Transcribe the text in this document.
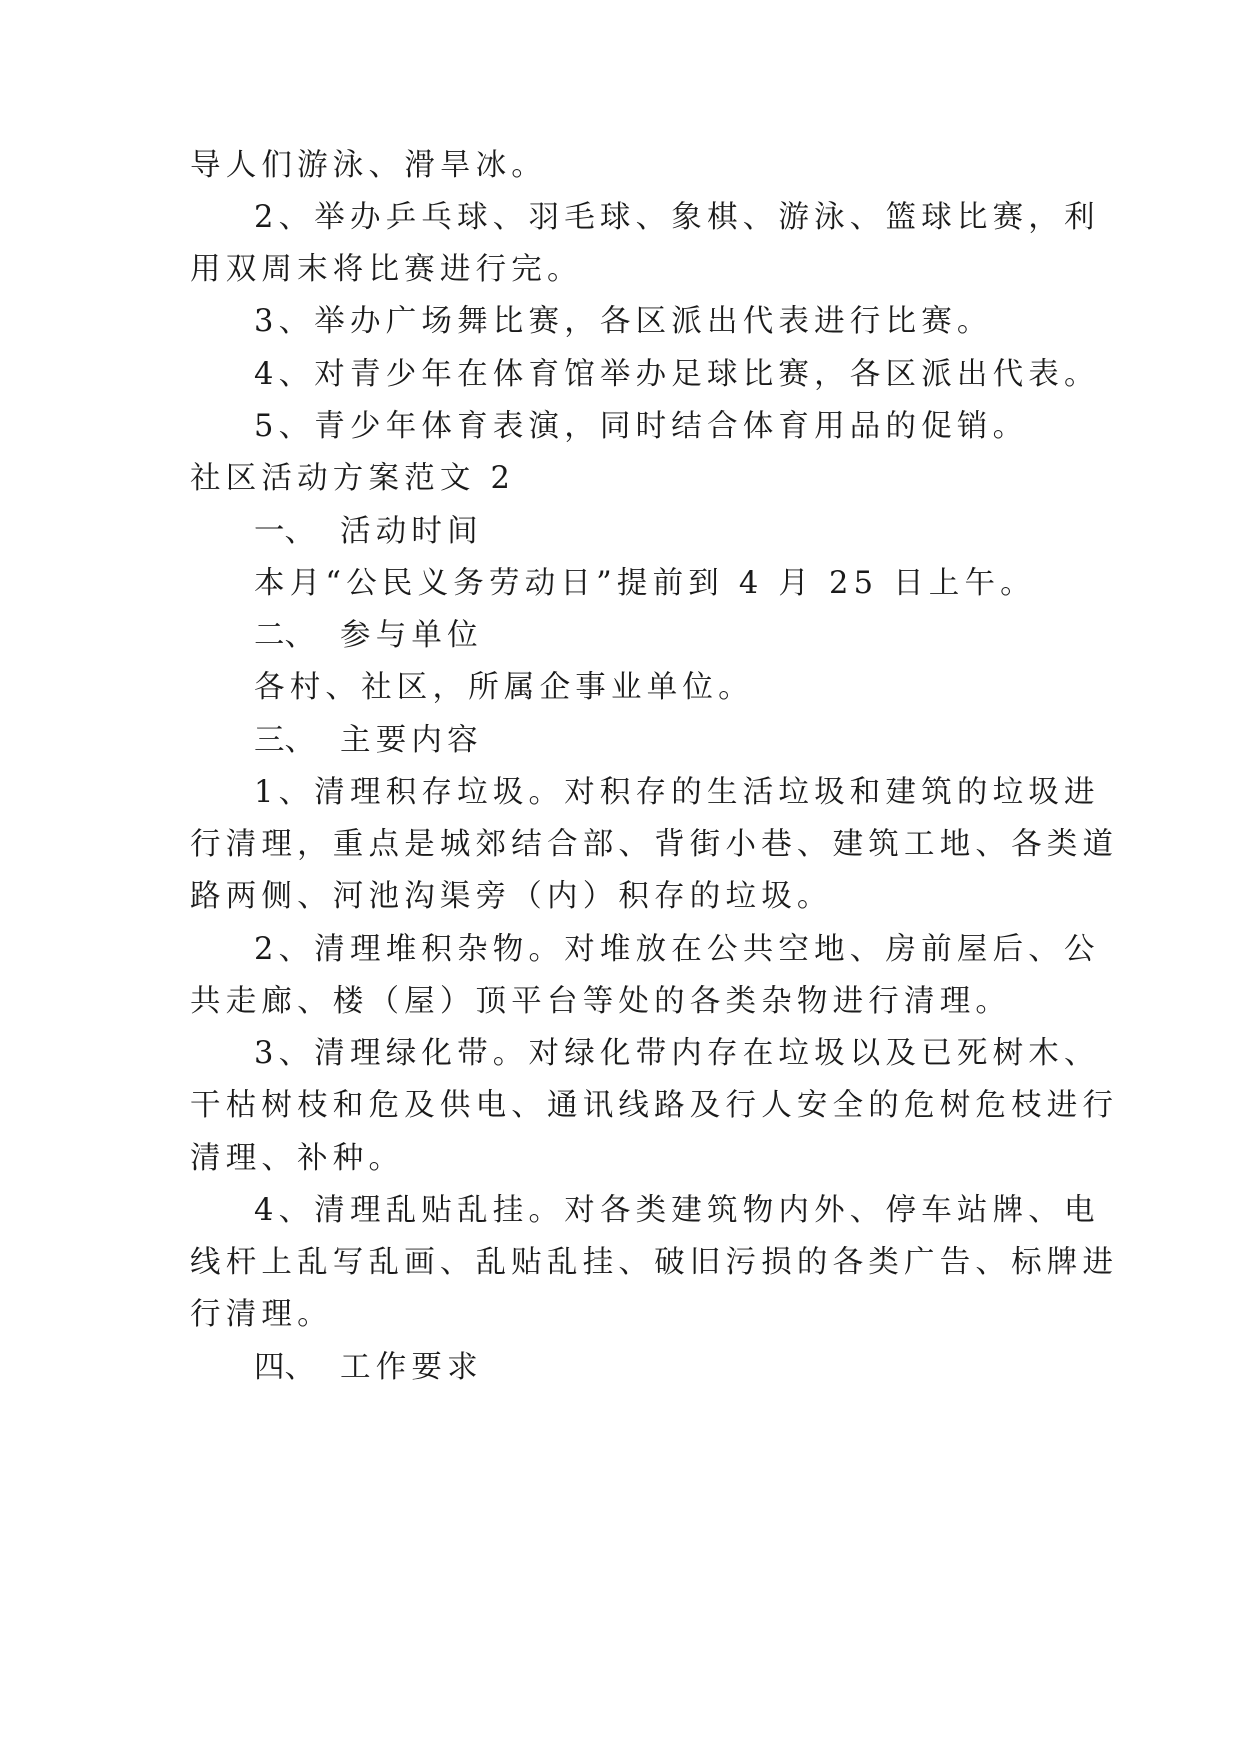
导人们游泳、滑旱冰。
2、举办乒乓球、羽毛球、象棋、游泳、篮球比赛，利
用双周末将比赛进行完。
3、举办广场舞比赛，各区派出代表进行比赛。
4、对青少年在体育馆举办足球比赛，各区派出代表。
5、青少年体育表演，同时结合体育用品的促销。
社区活动方案范文 2
一、 活动时间
本月“公民义务劳动日”提前到 4 月 25 日上午。
二、 参与单位
各村、社区，所属企事业单位。
三、 主要内容
1、清理积存垃圾。对积存的生活垃圾和建筑的垃圾进
行清理，重点是城郊结合部、背街小巷、建筑工地、各类道
路两侧、河池沟渠旁（内）积存的垃圾。
2、清理堆积杂物。对堆放在公共空地、房前屋后、公
共走廊、楼（屋）顶平台等处的各类杂物进行清理。
3、清理绿化带。对绿化带内存在垃圾以及已死树木、
干枯树枝和危及供电、通讯线路及行人安全的危树危枝进行
清理、补种。
4、清理乱贴乱挂。对各类建筑物内外、停车站牌、电
线杆上乱写乱画、乱贴乱挂、破旧污损的各类广告、标牌进
行清理。
四、 工作要求
